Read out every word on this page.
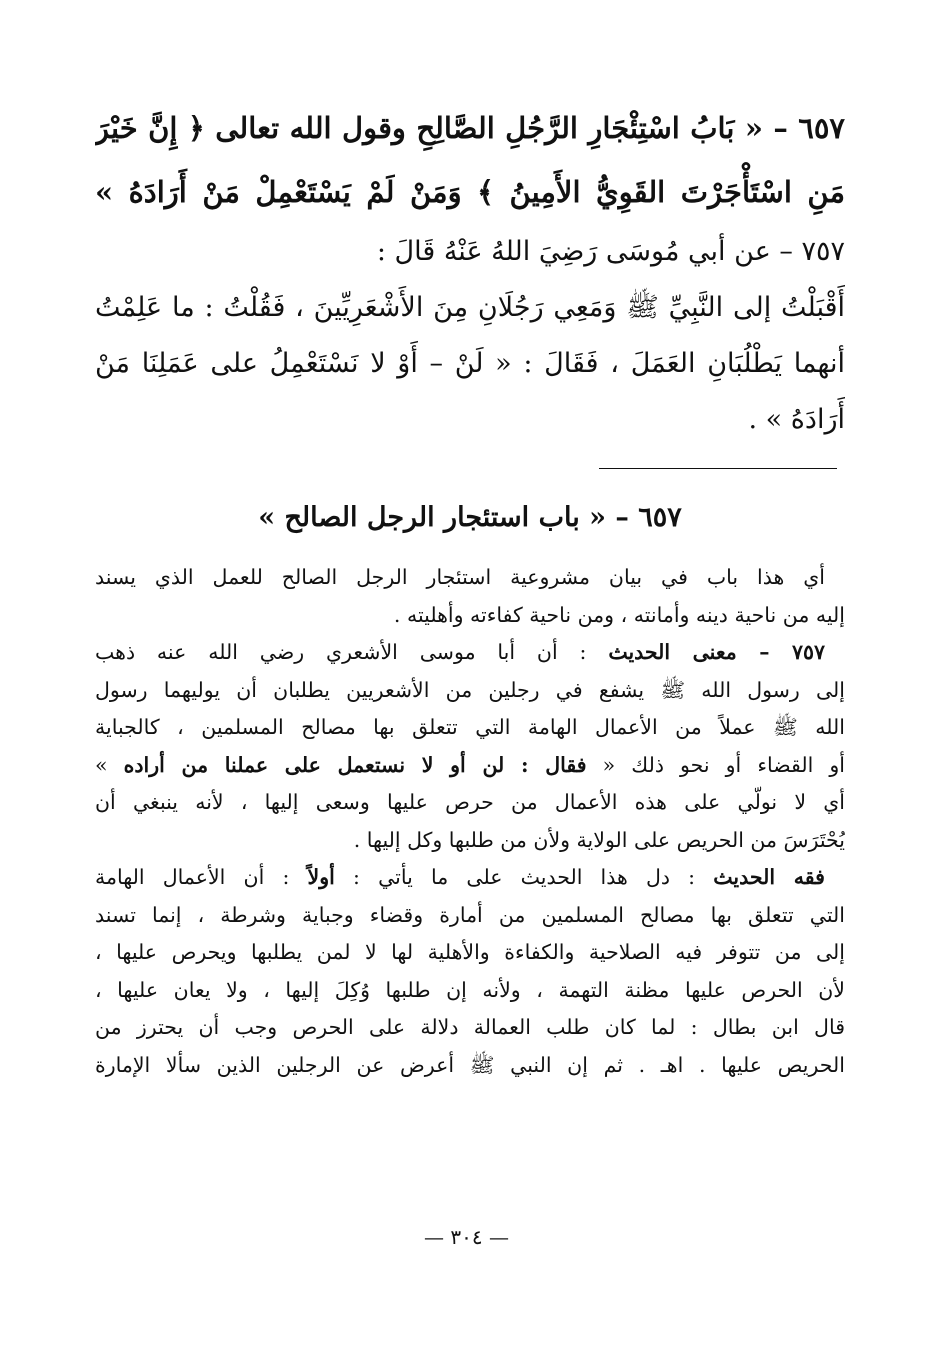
٦٥٧ – « بَابُ اسْتِئْجَارِ الرَّجُلِ الصَّالِحِ وقول الله تعالى ﴿ إِنَّ خَيْرَ
مَنِ اسْتَأْجَرْتَ القَوِيُّ الأَمِينُ ﴾ وَمَنْ لَمْ يَسْتَعْمِلْ مَنْ أَرَادَهُ »
٧٥٧ – عن أبي مُوسَى رَضِيَ اللهُ عَنْهُ قَالَ :
أَقْبَلْتُ إلى النَّبِيِّ ﷺ وَمَعِي رَجُلَانِ مِنَ الأَشْعَرِيِّينَ ، فَقُلْتُ : ما عَلِمْتُ
أنهما يَطْلُبَانِ العَمَلَ ، فَقَالَ : « لَنْ – أَوْ لا نَسْتَعْمِلُ على عَمَلِنَا مَنْ
أَرَادَهُ » .
٦٥٧ – « باب استئجار الرجل الصالح »
أي هذا باب في بيان مشروعية استئجار الرجل الصالح للعمل الذي يسند
إليه من ناحية دينه وأمانته ، ومن ناحية كفاءته وأهليته .
٧٥٧ – معنى الحديث : أن أبا موسى الأشعري رضي الله عنه ذهب
إلى رسول الله ﷺ يشفع في رجلين من الأشعريين يطلبان أن يوليهما رسول
الله ﷺ عملاً من الأعمال الهامة التي تتعلق بها مصالح المسلمين ، كالجباية
أو القضاء أو نحو ذلك « فقال : لن أو لا نستعمل على عملنا من أراده »
أي لا نولّي على هذه الأعمال من حرص عليها وسعى إليها ، لأنه ينبغي أن
يُحْتَرَسَ من الحريص على الولاية ولأن من طلبها وكل إليها .
فقه الحديث : دل هذا الحديث على ما يأتي : أولاً : أن الأعمال الهامة
التي تتعلق بها مصالح المسلمين من أمارة وقضاء وجباية وشرطة ، إنما تسند
إلى من تتوفر فيه الصلاحية والكفاءة والأهلية لها لا لمن يطلبها ويحرص عليها ،
لأن الحرص عليها مظنة التهمة ، ولأنه إن طلبها وُكِلَ إليها ، ولا يعان عليها ،
قال ابن بطال : لما كان طلب العمالة دلالة على الحرص وجب أن يحترز من
الحريص عليها . اهـ . ثم إن النبي ﷺ أعرض عن الرجلين الذين سألا الإمارة
— ٣٠٤ —
